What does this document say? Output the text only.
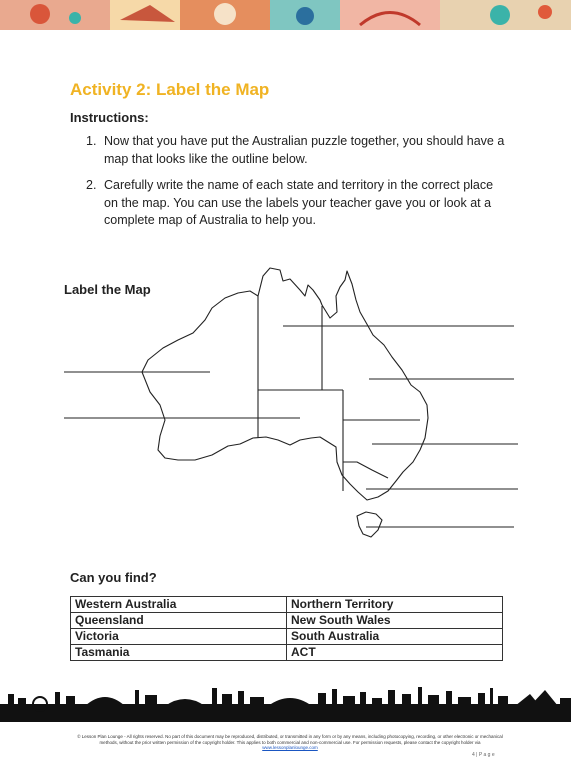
Activity 2: Label the Map
Instructions:
1. Now that you have put the Australian puzzle together, you should have a map that looks like the outline below.
2. Carefully write the name of each state and territory in the correct place on the map. You can use the labels your teacher gave you or look at a complete map of Australia to help you.
Label the Map
Can you find?
Western Australia	Northern Territory
Queensland	New South Wales
Victoria	South Australia
Tasmania	ACT
© Lesson Plan Lounge - All rights reserved. No part of this document may be reproduced, distributed, or transmitted in any form or by any means, including photocopying, recording, or other electronic or mechanical methods, without the prior written permission of the copyright holder. This applies to both commercial and non-commercial use. For permission requests, please contact the copyright holder via
www.lessonplanlounge.com
4 | P a g e
